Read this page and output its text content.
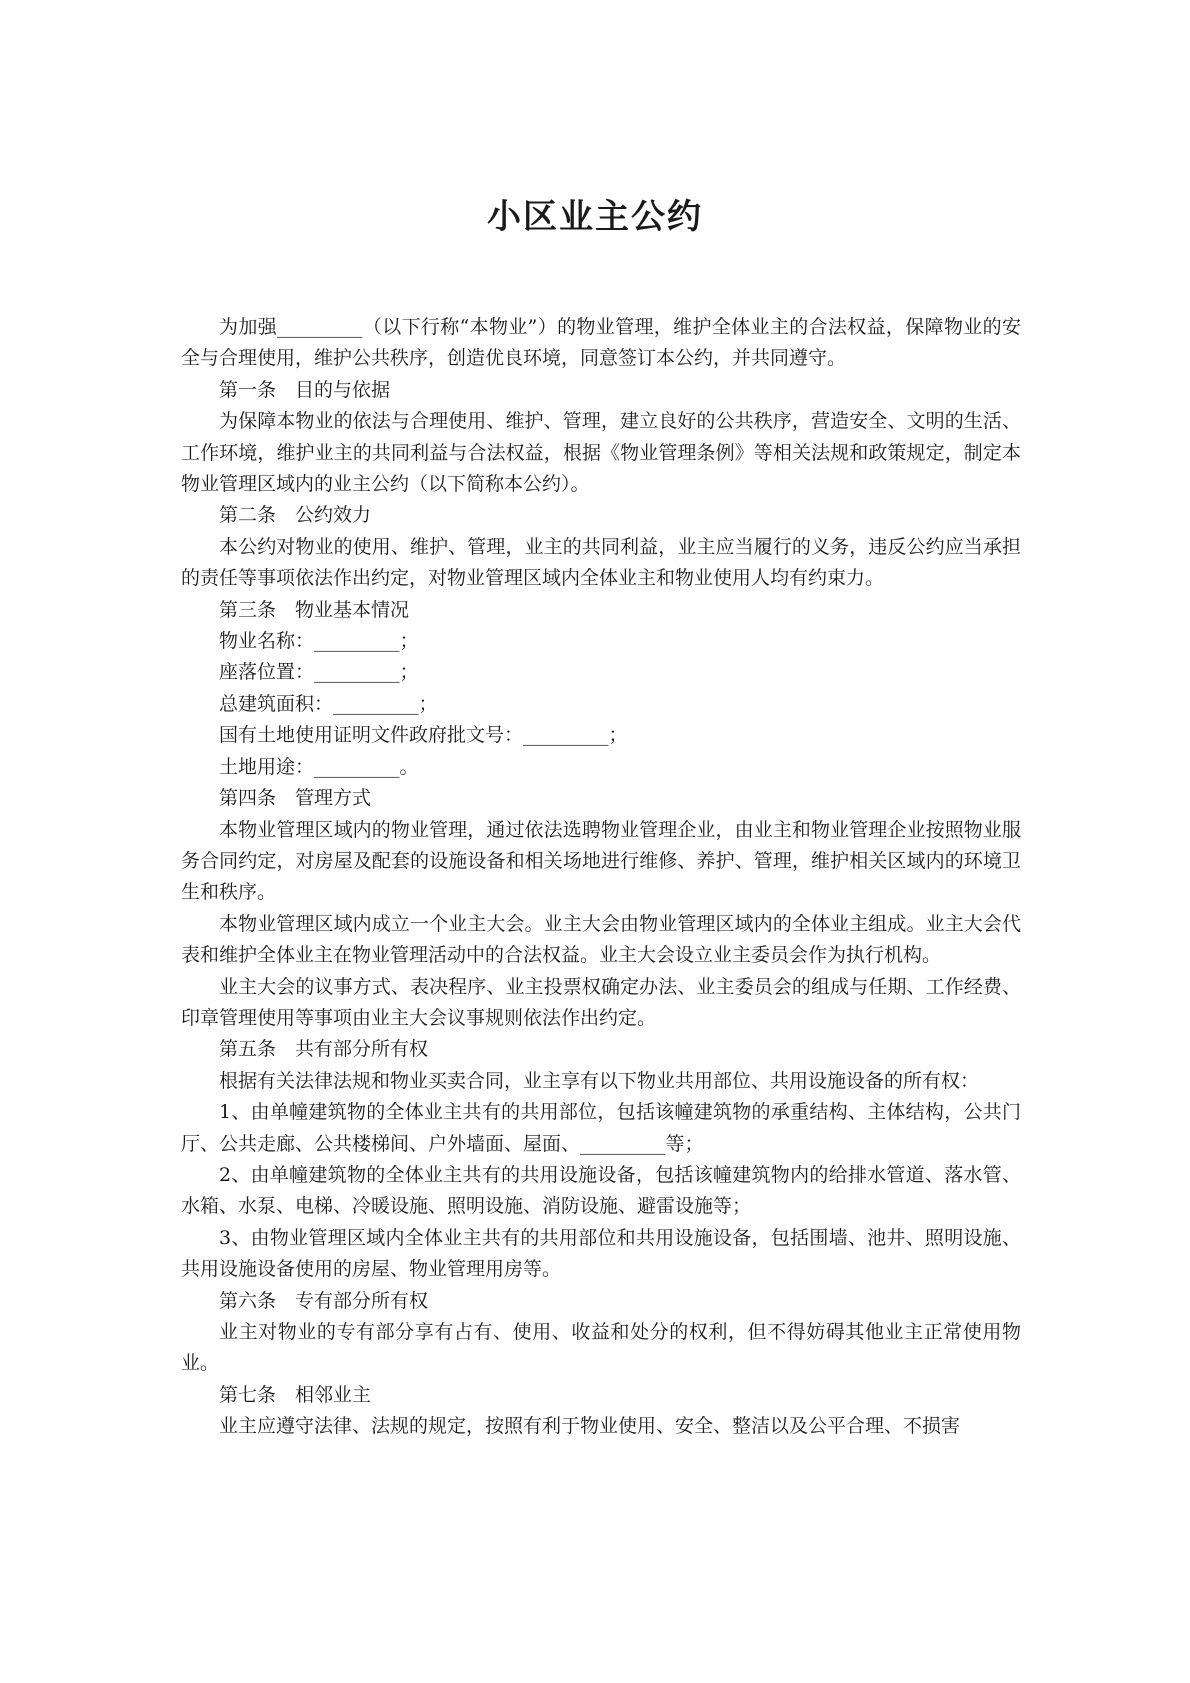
小区业主公约

为加强_________（以下行称“本物业”）的物业管理，维护全体业主的合法权益，保障物业的安全与合理使用，维护公共秩序，创造优良环境，同意签订本公约，并共同遵守。

第一条　目的与依据

为保障本物业的依法与合理使用、维护、管理，建立良好的公共秩序，营造安全、文明的生活、工作环境，维护业主的共同利益与合法权益，根据《物业管理条例》等相关法规和政策规定，制定本物业管理区域内的业主公约（以下简称本公约）。

第二条　公约效力

本公约对物业的使用、维护、管理，业主的共同利益，业主应当履行的义务，违反公约应当承担的责任等事项依法作出约定，对物业管理区域内全体业主和物业使用人均有约束力。

第三条　物业基本情况

物业名称：_________；

座落位置：_________；

总建筑面积：_________；

国有土地使用证明文件政府批文号：_________；

土地用途：_________。

第四条　管理方式

本物业管理区域内的物业管理，通过依法选聘物业管理企业，由业主和物业管理企业按照物业服务合同约定，对房屋及配套的设施设备和相关场地进行维修、养护、管理，维护相关区域内的环境卫生和秩序。

本物业管理区域内成立一个业主大会。业主大会由物业管理区域内的全体业主组成。业主大会代表和维护全体业主在物业管理活动中的合法权益。业主大会设立业主委员会作为执行机构。

业主大会的议事方式、表决程序、业主投票权确定办法、业主委员会的组成与任期、工作经费、印章管理使用等事项由业主大会议事规则依法作出约定。

第五条　共有部分所有权

根据有关法律法规和物业买卖合同，业主享有以下物业共用部位、共用设施设备的所有权：

1、由单幢建筑物的全体业主共有的共用部位，包括该幢建筑物的承重结构、主体结构，公共门厅、公共走廊、公共楼梯间、户外墙面、屋面、_________等；

2、由单幢建筑物的全体业主共有的共用设施设备，包括该幢建筑物内的给排水管道、落水管、水箱、水泵、电梯、冷暖设施、照明设施、消防设施、避雷设施等；

3、由物业管理区域内全体业主共有的共用部位和共用设施设备，包括围墙、池井、照明设施、共用设施设备使用的房屋、物业管理用房等。

第六条　专有部分所有权

业主对物业的专有部分享有占有、使用、收益和处分的权利，但不得妨碍其他业主正常使用物业。

第七条　相邻业主

业主应遵守法律、法规的规定，按照有利于物业使用、安全、整洁以及公平合理、不损害
